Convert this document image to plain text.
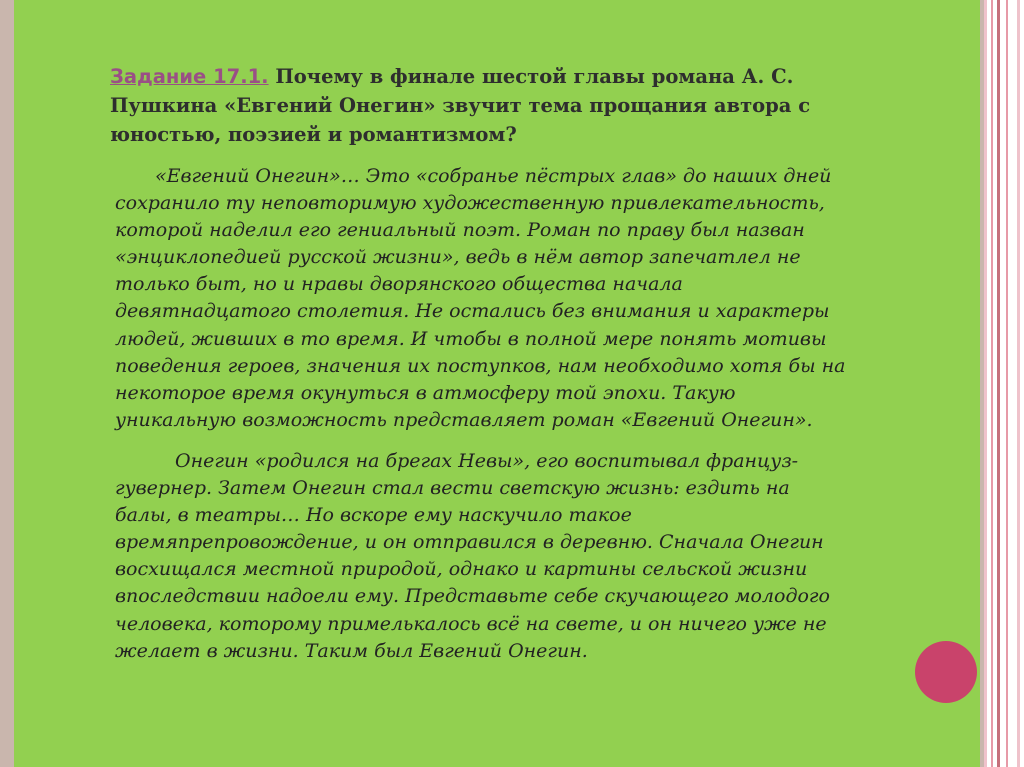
Задание 17.1. Почему в финале шестой главы романа А. С.
Пушкина «Евгений Онегин» звучит тема прощания автора с
юностью, поэзией и романтизмом?
«Евгений Онегин»… Это «собранье пёстрых глав» до наших дней
сохранило ту неповторимую художественную привлекательность,
которой наделил его гениальный поэт. Роман по праву был назван
«энциклопедией русской жизни», ведь в нём автор запечатлел не
только быт, но и нравы дворянского общества начала
девятнадцатого столетия. Не остались без внимания и характеры
людей, живших в то время. И чтобы в полной мере понять мотивы
поведения героев, значения их поступков, нам необходимо хотя бы на
некоторое время окунуться в атмосферу той эпохи. Такую
уникальную возможность представляет роман «Евгений Онегин».
Онегин «родился на брегах Невы», его воспитывал француз-
гувернер. Затем Онегин стал вести светскую жизнь: ездить на
балы, в театры… Но вскоре ему наскучило такое
времяпрепровождение, и он отправился в деревню. Сначала Онегин
восхищался местной природой, однако и картины сельской жизни
впоследствии надоели ему. Представьте себе скучающего молодого
человека, которому примелькалось всё на свете, и он ничего уже не
желает в жизни. Таким был Евгений Онегин.
